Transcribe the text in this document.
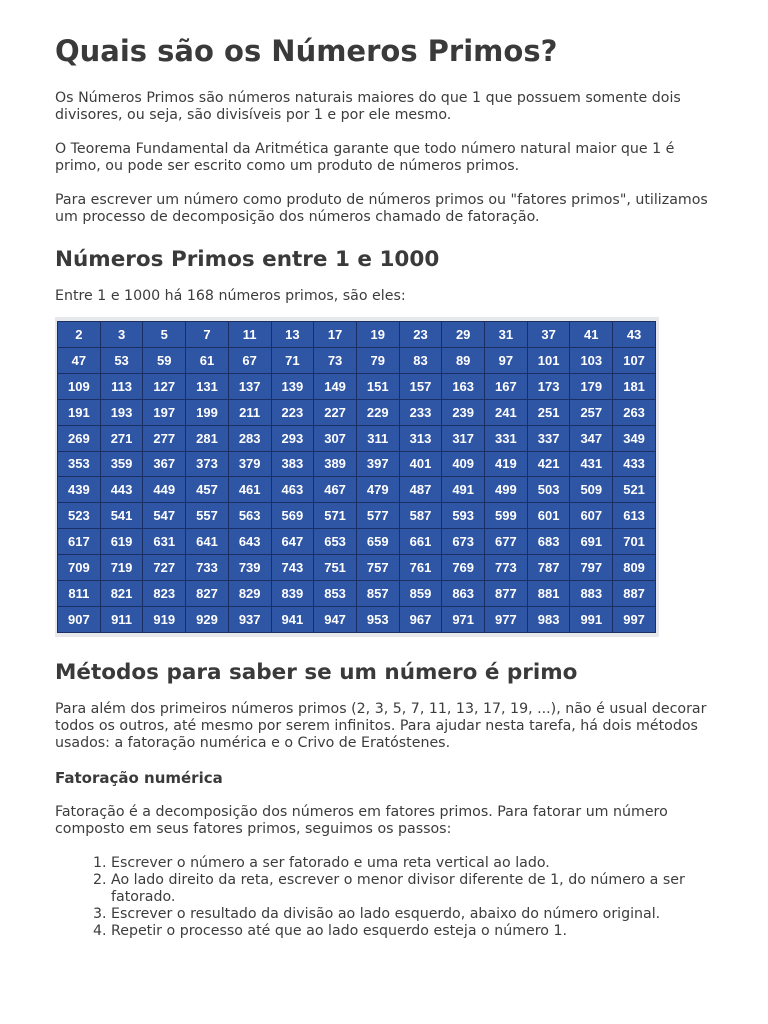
Quais são os Números Primos?

Os Números Primos são números naturais maiores do que 1 que possuem somente dois divisores, ou seja, são divisíveis por 1 e por ele mesmo.

O Teorema Fundamental da Aritmética garante que todo número natural maior que 1 é primo, ou pode ser escrito como um produto de números primos.

Para escrever um número como produto de números primos ou "fatores primos", utilizamos um processo de decomposição dos números chamado de fatoração.

Números Primos entre 1 e 1000

Entre 1 e 1000 há 168 números primos, são eles:

2	3	5	7	11	13	17	19	23	29	31	37	41	43
47	53	59	61	67	71	73	79	83	89	97	101	103	107
109	113	127	131	137	139	149	151	157	163	167	173	179	181
191	193	197	199	211	223	227	229	233	239	241	251	257	263
269	271	277	281	283	293	307	311	313	317	331	337	347	349
353	359	367	373	379	383	389	397	401	409	419	421	431	433
439	443	449	457	461	463	467	479	487	491	499	503	509	521
523	541	547	557	563	569	571	577	587	593	599	601	607	613
617	619	631	641	643	647	653	659	661	673	677	683	691	701
709	719	727	733	739	743	751	757	761	769	773	787	797	809
811	821	823	827	829	839	853	857	859	863	877	881	883	887
907	911	919	929	937	941	947	953	967	971	977	983	991	997
Métodos para saber se um número é primo

Para além dos primeiros números primos (2, 3, 5, 7, 11, 13, 17, 19, ...), não é usual decorar todos os outros, até mesmo por serem infinitos. Para ajudar nesta tarefa, há dois métodos usados: a fatoração numérica e o Crivo de Eratóstenes.

Fatoração numérica

Fatoração é a decomposição dos números em fatores primos. Para fatorar um número composto em seus fatores primos, seguimos os passos:

1. Escrever o número a ser fatorado e uma reta vertical ao lado.
2. Ao lado direito da reta, escrever o menor divisor diferente de 1, do número a ser fatorado.
3. Escrever o resultado da divisão ao lado esquerdo, abaixo do número original.
4. Repetir o processo até que ao lado esquerdo esteja o número 1.
